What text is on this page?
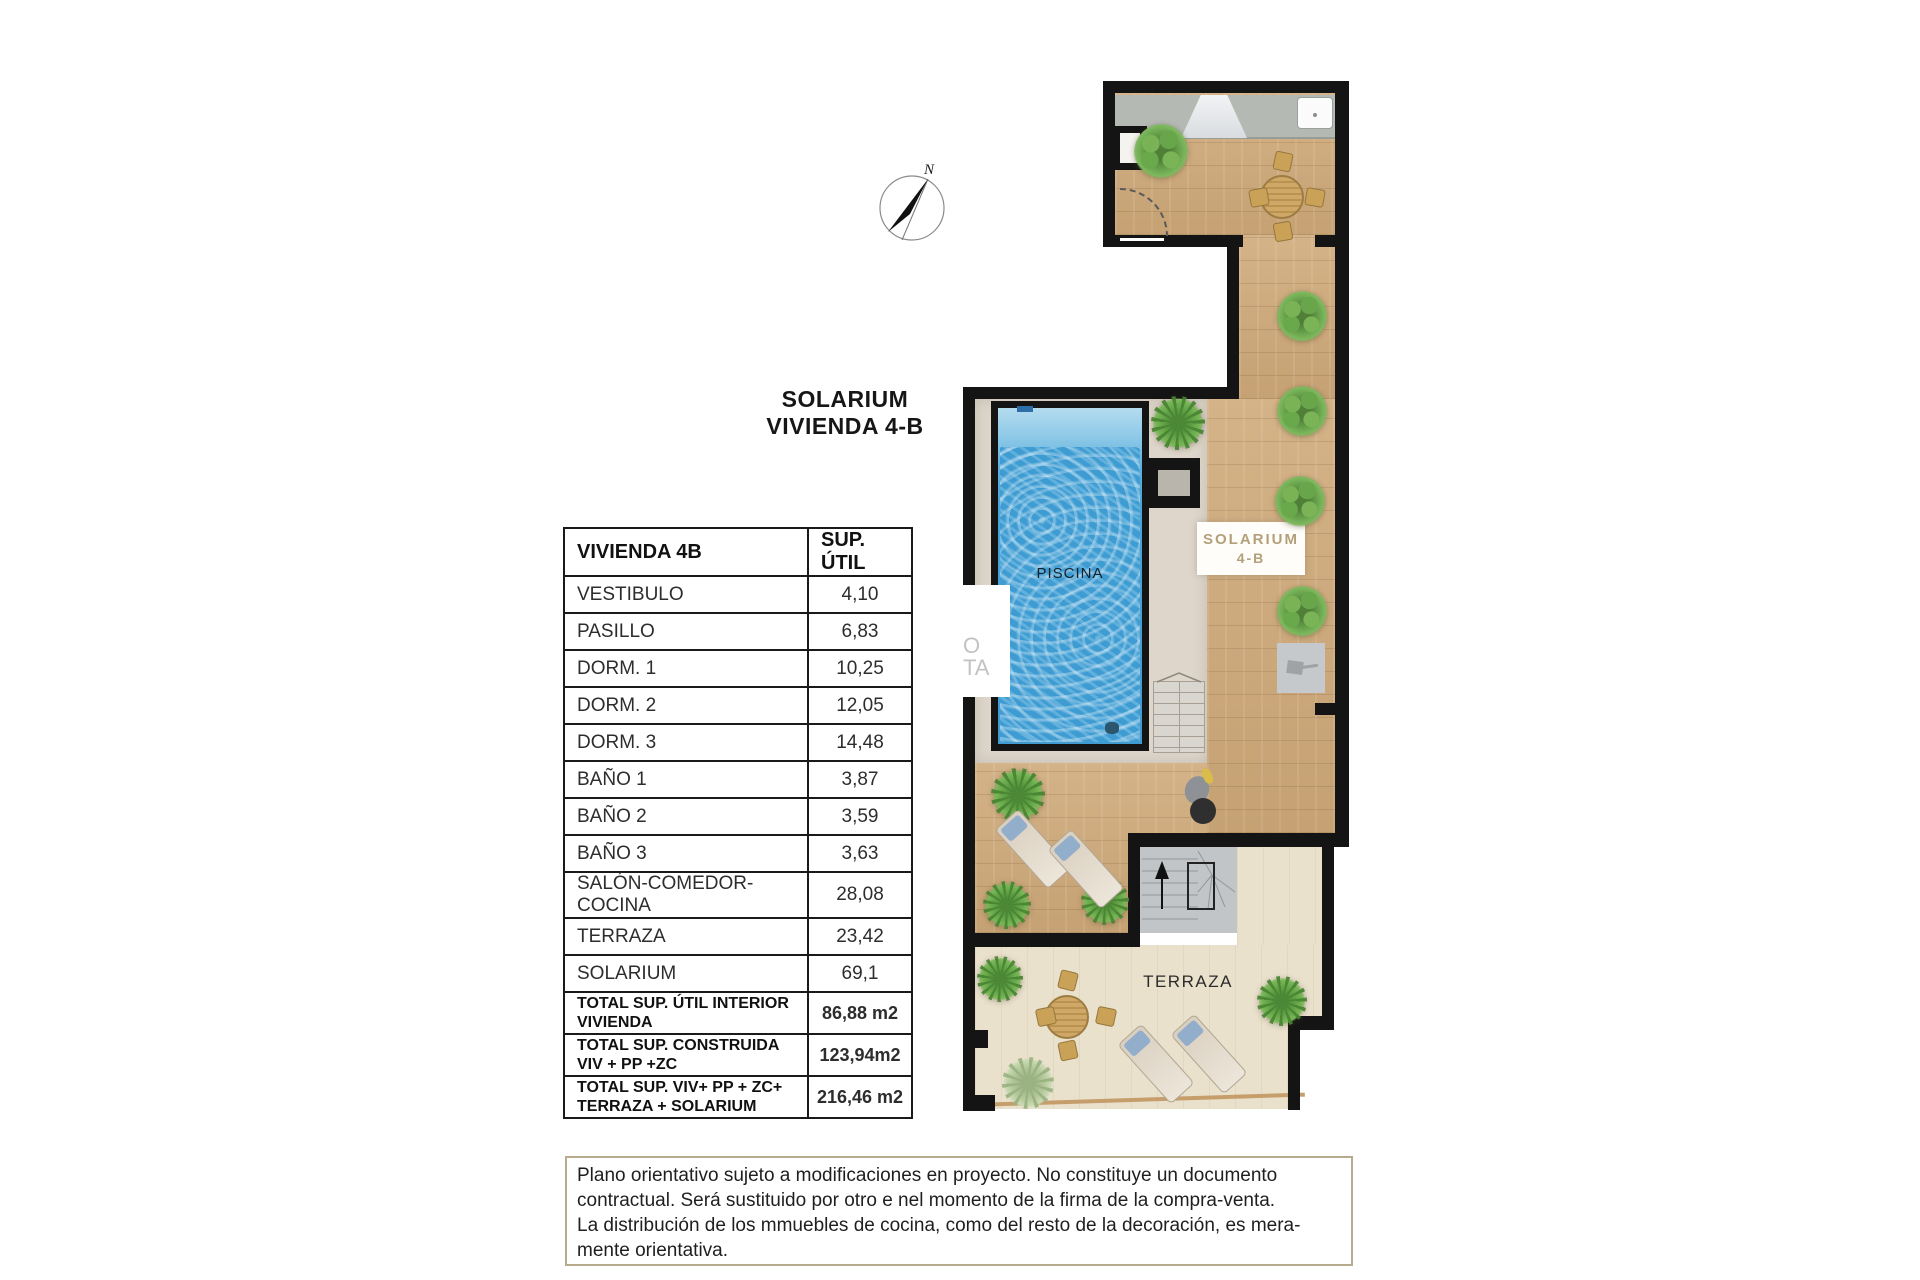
N
SOLARIUM
VIVIENDA 4-B
VIVIENDA 4B	SUP. ÚTIL
VESTIBULO	4,10
PASILLO	6,83
DORM. 1	10,25
DORM. 2	12,05
DORM. 3	14,48
BAÑO 1	3,87
BAÑO 2	3,59
BAÑO 3	3,63
SALÓN-COMEDOR-COCINA	28,08
TERRAZA	23,42
SOLARIUM	69,1
TOTAL SUP. ÚTIL INTERIOR
VIVIENDA	86,88 m2
TOTAL SUP. CONSTRUIDA
VIV + PP +ZC	123,94m2
TOTAL SUP. VIV+ PP + ZC+
TERRAZA + SOLARIUM	216,46 m2
PISCINA
SOLARIUM
4-B
TERRAZA
O
TA
Plano orientativo sujeto a modificaciones en proyecto. No constituye un documento
contractual. Será sustituido por otro e nel momento de la firma de la compra-venta.
La distribución de los mmuebles de cocina, como del resto de la decoración, es mera-
mente orientativa.
